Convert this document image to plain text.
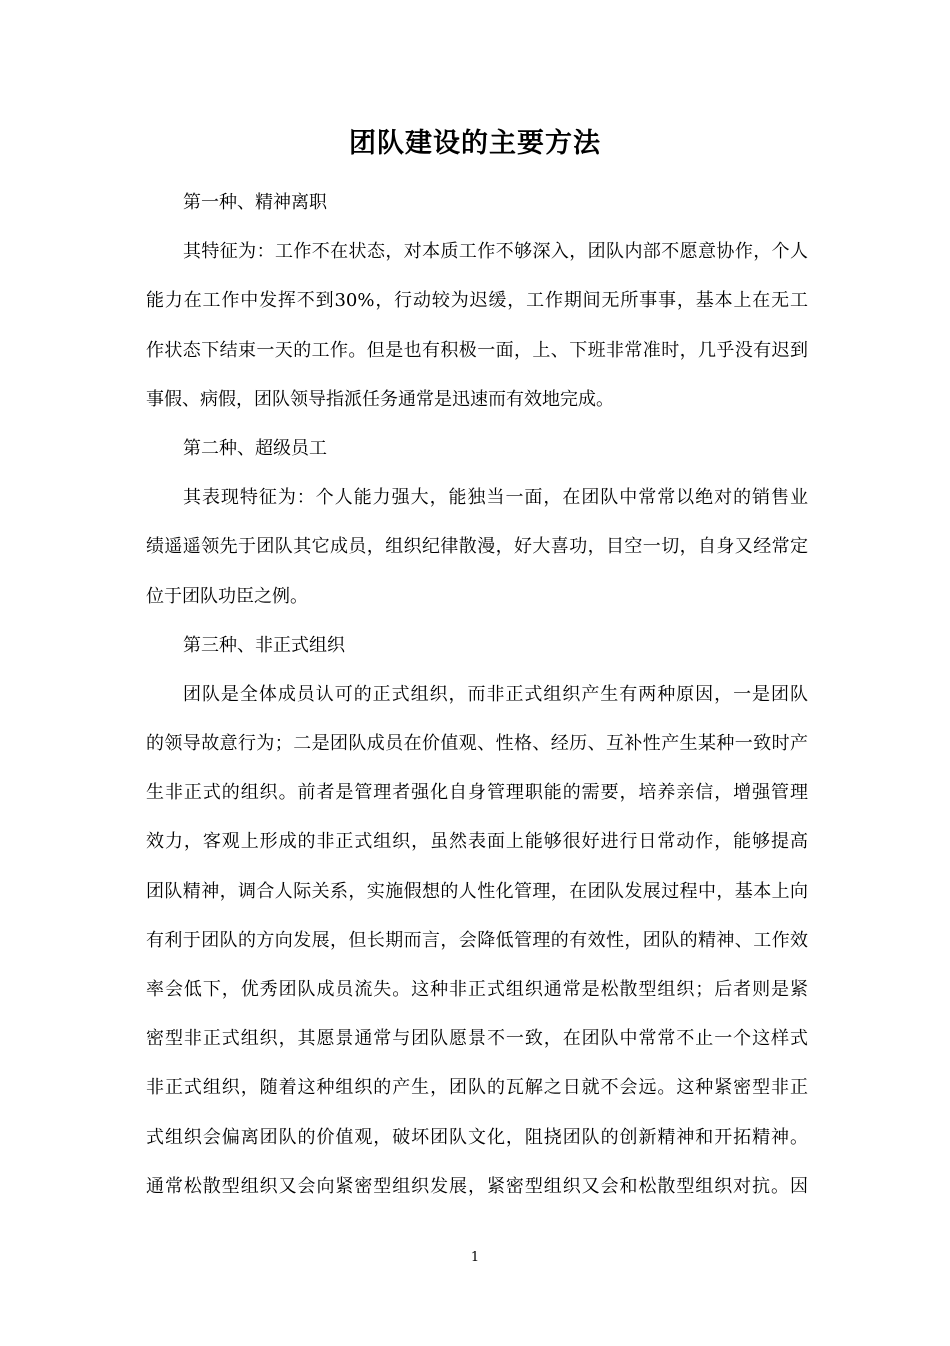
团队建设的主要方法
第一种、精神离职
其特征为：工作不在状态，对本质工作不够深入，团队内部不愿意协作，个人
能力在工作中发挥不到30%，行动较为迟缓，工作期间无所事事，基本上在无工
作状态下结束一天的工作。但是也有积极一面，上、下班非常准时，几乎没有迟到
事假、病假，团队领导指派任务通常是迅速而有效地完成。
第二种、超级员工
其表现特征为：个人能力强大，能独当一面，在团队中常常以绝对的销售业
绩遥遥领先于团队其它成员，组织纪律散漫，好大喜功，目空一切，自身又经常定
位于团队功臣之例。
第三种、非正式组织
团队是全体成员认可的正式组织，而非正式组织产生有两种原因，一是团队
的领导故意行为；二是团队成员在价值观、性格、经历、互补性产生某种一致时产
生非正式的组织。前者是管理者强化自身管理职能的需要，培养亲信，增强管理
效力，客观上形成的非正式组织，虽然表面上能够很好进行日常动作，能够提高
团队精神，调合人际关系，实施假想的人性化管理，在团队发展过程中，基本上向
有利于团队的方向发展，但长期而言，会降低管理的有效性，团队的精神、工作效
率会低下，优秀团队成员流失。这种非正式组织通常是松散型组织；后者则是紧
密型非正式组织，其愿景通常与团队愿景不一致，在团队中常常不止一个这样式
非正式组织，随着这种组织的产生，团队的瓦解之日就不会远。这种紧密型非正
式组织会偏离团队的价值观，破坏团队文化，阻挠团队的创新精神和开拓精神。
通常松散型组织又会向紧密型组织发展，紧密型组织又会和松散型组织对抗。因
1
